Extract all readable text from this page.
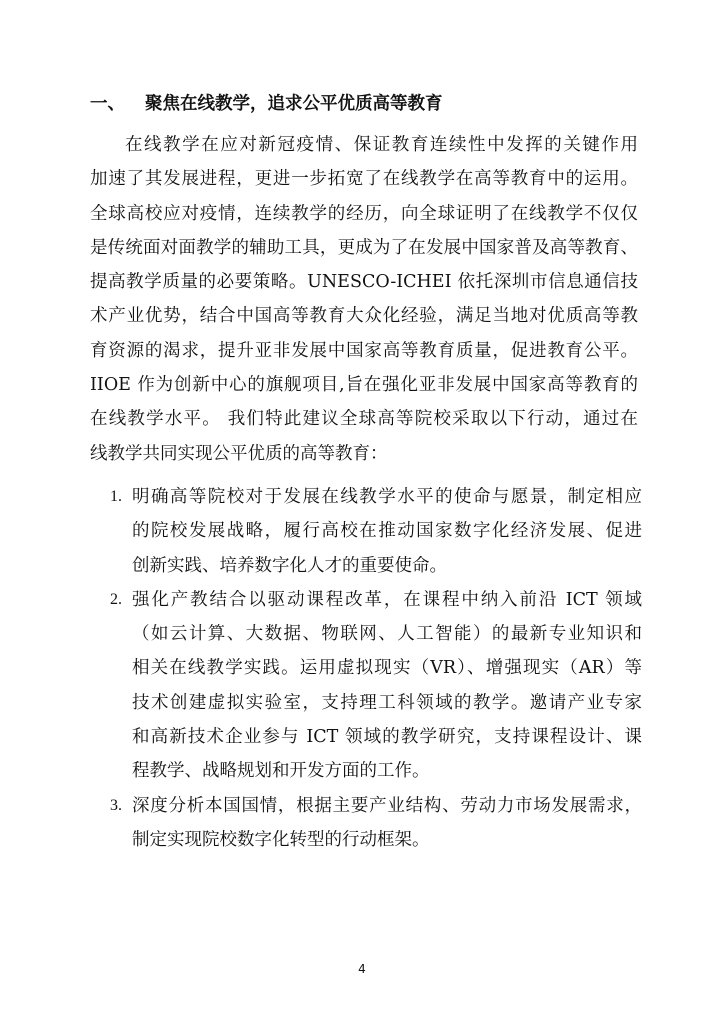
一、 聚焦在线教学，追求公平优质高等教育
在线教学在应对新冠疫情、保证教育连续性中发挥的关键作用
加速了其发展进程，更进一步拓宽了在线教学在高等教育中的运用。
全球高校应对疫情，连续教学的经历，向全球证明了在线教学不仅仅
是传统面对面教学的辅助工具，更成为了在发展中国家普及高等教育、
提高教学质量的必要策略。UNESCO-ICHEI 依托深圳市信息通信技
术产业优势，结合中国高等教育大众化经验，满足当地对优质高等教
育资源的渴求，提升亚非发展中国家高等教育质量，促进教育公平。
IIOE 作为创新中心的旗舰项目,旨在强化亚非发展中国家高等教育的
在线教学水平。 我们特此建议全球高等院校采取以下行动，通过在
线教学共同实现公平优质的高等教育：
1. 明确高等院校对于发展在线教学水平的使命与愿景，制定相应
的院校发展战略，履行高校在推动国家数字化经济发展、促进
创新实践、培养数字化人才的重要使命。
2. 强化产教结合以驱动课程改革，在课程中纳入前沿 ICT 领域
（如云计算、大数据、物联网、人工智能）的最新专业知识和
相关在线教学实践。运用虚拟现实（VR）、增强现实（AR）等
技术创建虚拟实验室，支持理工科领域的教学。邀请产业专家
和高新技术企业参与 ICT 领域的教学研究，支持课程设计、课
程教学、战略规划和开发方面的工作。
3. 深度分析本国国情，根据主要产业结构、劳动力市场发展需求，
制定实现院校数字化转型的行动框架。
4
